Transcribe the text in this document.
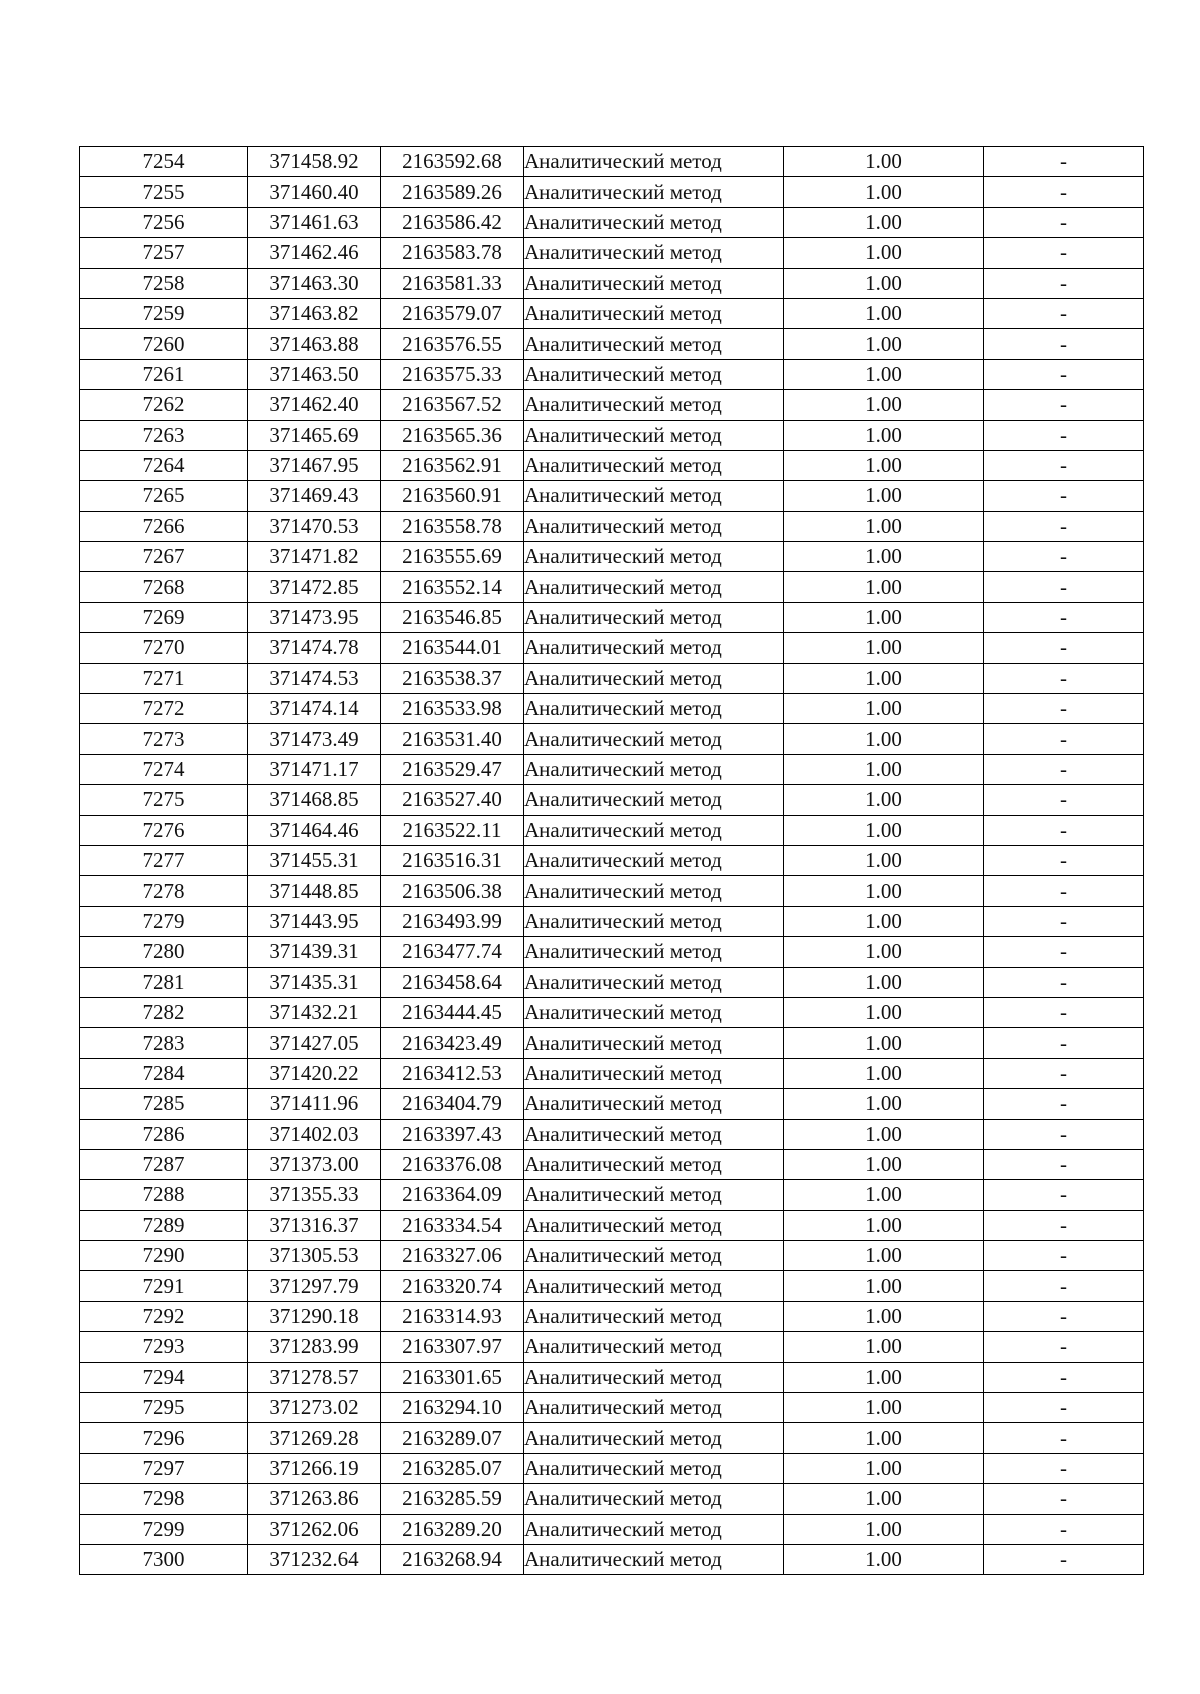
7254	371458.92	2163592.68	Аналитический метод	1.00	-
7255	371460.40	2163589.26	Аналитический метод	1.00	-
7256	371461.63	2163586.42	Аналитический метод	1.00	-
7257	371462.46	2163583.78	Аналитический метод	1.00	-
7258	371463.30	2163581.33	Аналитический метод	1.00	-
7259	371463.82	2163579.07	Аналитический метод	1.00	-
7260	371463.88	2163576.55	Аналитический метод	1.00	-
7261	371463.50	2163575.33	Аналитический метод	1.00	-
7262	371462.40	2163567.52	Аналитический метод	1.00	-
7263	371465.69	2163565.36	Аналитический метод	1.00	-
7264	371467.95	2163562.91	Аналитический метод	1.00	-
7265	371469.43	2163560.91	Аналитический метод	1.00	-
7266	371470.53	2163558.78	Аналитический метод	1.00	-
7267	371471.82	2163555.69	Аналитический метод	1.00	-
7268	371472.85	2163552.14	Аналитический метод	1.00	-
7269	371473.95	2163546.85	Аналитический метод	1.00	-
7270	371474.78	2163544.01	Аналитический метод	1.00	-
7271	371474.53	2163538.37	Аналитический метод	1.00	-
7272	371474.14	2163533.98	Аналитический метод	1.00	-
7273	371473.49	2163531.40	Аналитический метод	1.00	-
7274	371471.17	2163529.47	Аналитический метод	1.00	-
7275	371468.85	2163527.40	Аналитический метод	1.00	-
7276	371464.46	2163522.11	Аналитический метод	1.00	-
7277	371455.31	2163516.31	Аналитический метод	1.00	-
7278	371448.85	2163506.38	Аналитический метод	1.00	-
7279	371443.95	2163493.99	Аналитический метод	1.00	-
7280	371439.31	2163477.74	Аналитический метод	1.00	-
7281	371435.31	2163458.64	Аналитический метод	1.00	-
7282	371432.21	2163444.45	Аналитический метод	1.00	-
7283	371427.05	2163423.49	Аналитический метод	1.00	-
7284	371420.22	2163412.53	Аналитический метод	1.00	-
7285	371411.96	2163404.79	Аналитический метод	1.00	-
7286	371402.03	2163397.43	Аналитический метод	1.00	-
7287	371373.00	2163376.08	Аналитический метод	1.00	-
7288	371355.33	2163364.09	Аналитический метод	1.00	-
7289	371316.37	2163334.54	Аналитический метод	1.00	-
7290	371305.53	2163327.06	Аналитический метод	1.00	-
7291	371297.79	2163320.74	Аналитический метод	1.00	-
7292	371290.18	2163314.93	Аналитический метод	1.00	-
7293	371283.99	2163307.97	Аналитический метод	1.00	-
7294	371278.57	2163301.65	Аналитический метод	1.00	-
7295	371273.02	2163294.10	Аналитический метод	1.00	-
7296	371269.28	2163289.07	Аналитический метод	1.00	-
7297	371266.19	2163285.07	Аналитический метод	1.00	-
7298	371263.86	2163285.59	Аналитический метод	1.00	-
7299	371262.06	2163289.20	Аналитический метод	1.00	-
7300	371232.64	2163268.94	Аналитический метод	1.00	-
